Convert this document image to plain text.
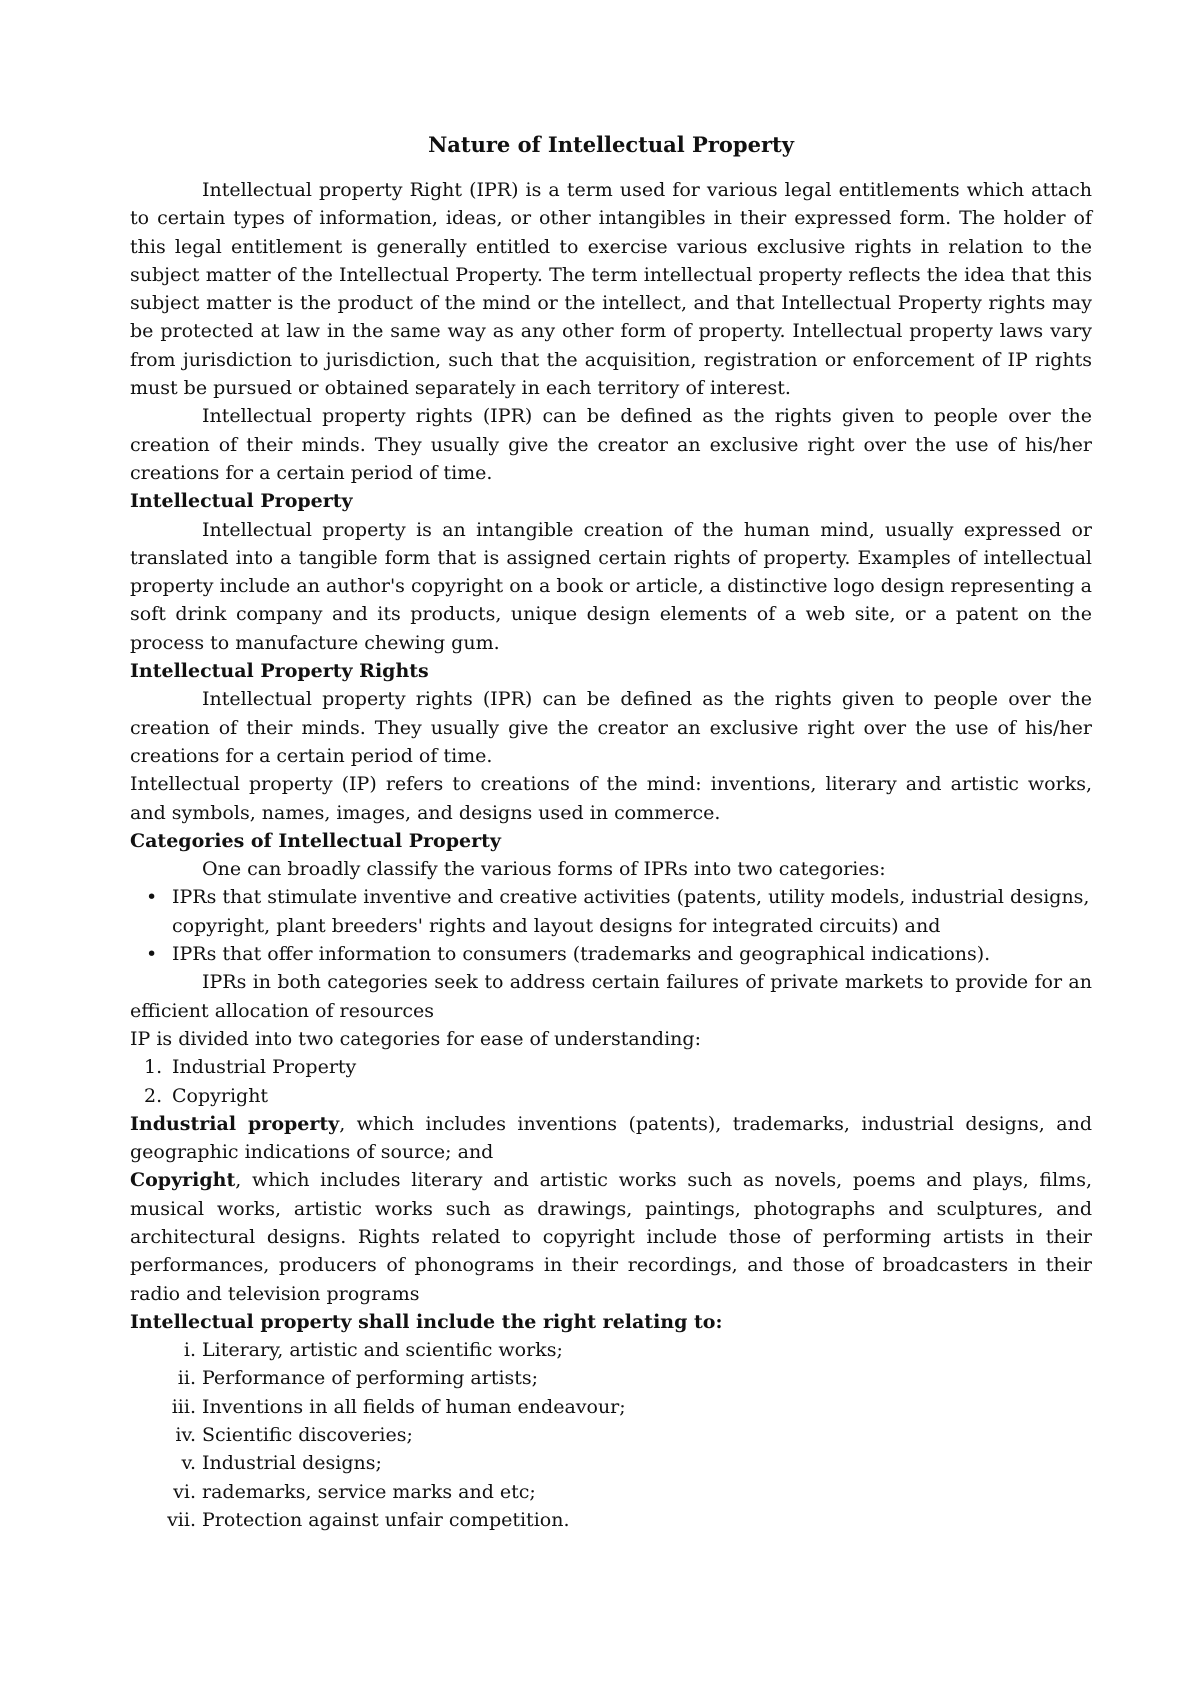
Nature of Intellectual Property

Intellectual property Right (IPR) is a term used for various legal entitlements which attach to certain types of information, ideas, or other intangibles in their expressed form. The holder of this legal entitlement is generally entitled to exercise various exclusive rights in relation to the subject matter of the Intellectual Property. The term intellectual property reflects the idea that this subject matter is the product of the mind or the intellect, and that Intellectual Property rights may be protected at law in the same way as any other form of property. Intellectual property laws vary from jurisdiction to jurisdiction, such that the acquisition, registration or enforcement of IP rights must be pursued or obtained separately in each territory of interest.

Intellectual property rights (IPR) can be defined as the rights given to people over the creation of their minds. They usually give the creator an exclusive right over the use of his/her creations for a certain period of time.

Intellectual Property

Intellectual property is an intangible creation of the human mind, usually expressed or translated into a tangible form that is assigned certain rights of property. Examples of intellectual property include an author's copyright on a book or article, a distinctive logo design representing a soft drink company and its products, unique design elements of a web site, or a patent on the process to manufacture chewing gum.

Intellectual Property Rights

Intellectual property rights (IPR) can be defined as the rights given to people over the creation of their minds. They usually give the creator an exclusive right over the use of his/her creations for a certain period of time.

Intellectual property (IP) refers to creations of the mind: inventions, literary and artistic works, and symbols, names, images, and designs used in commerce.

Categories of Intellectual Property

One can broadly classify the various forms of IPRs into two categories:

• IPRs that stimulate inventive and creative activities (patents, utility models, industrial designs, copyright, plant breeders' rights and layout designs for integrated circuits) and
• IPRs that offer information to consumers (trademarks and geographical indications).

IPRs in both categories seek to address certain failures of private markets to provide for an efficient allocation of resources

IP is divided into two categories for ease of understanding:

1. Industrial Property
2. Copyright

Industrial property, which includes inventions (patents), trademarks, industrial designs, and geographic indications of source; and

Copyright, which includes literary and artistic works such as novels, poems and plays, films, musical works, artistic works such as drawings, paintings, photographs and sculptures, and architectural designs. Rights related to copyright include those of performing artists in their performances, producers of phonograms in their recordings, and those of broadcasters in their radio and television programs

Intellectual property shall include the right relating to:

i. Literary, artistic and scientific works;
ii. Performance of performing artists;
iii. Inventions in all fields of human endeavour;
iv. Scientific discoveries;
v. Industrial designs;
vi. rademarks, service marks and etc;
vii. Protection against unfair competition.
